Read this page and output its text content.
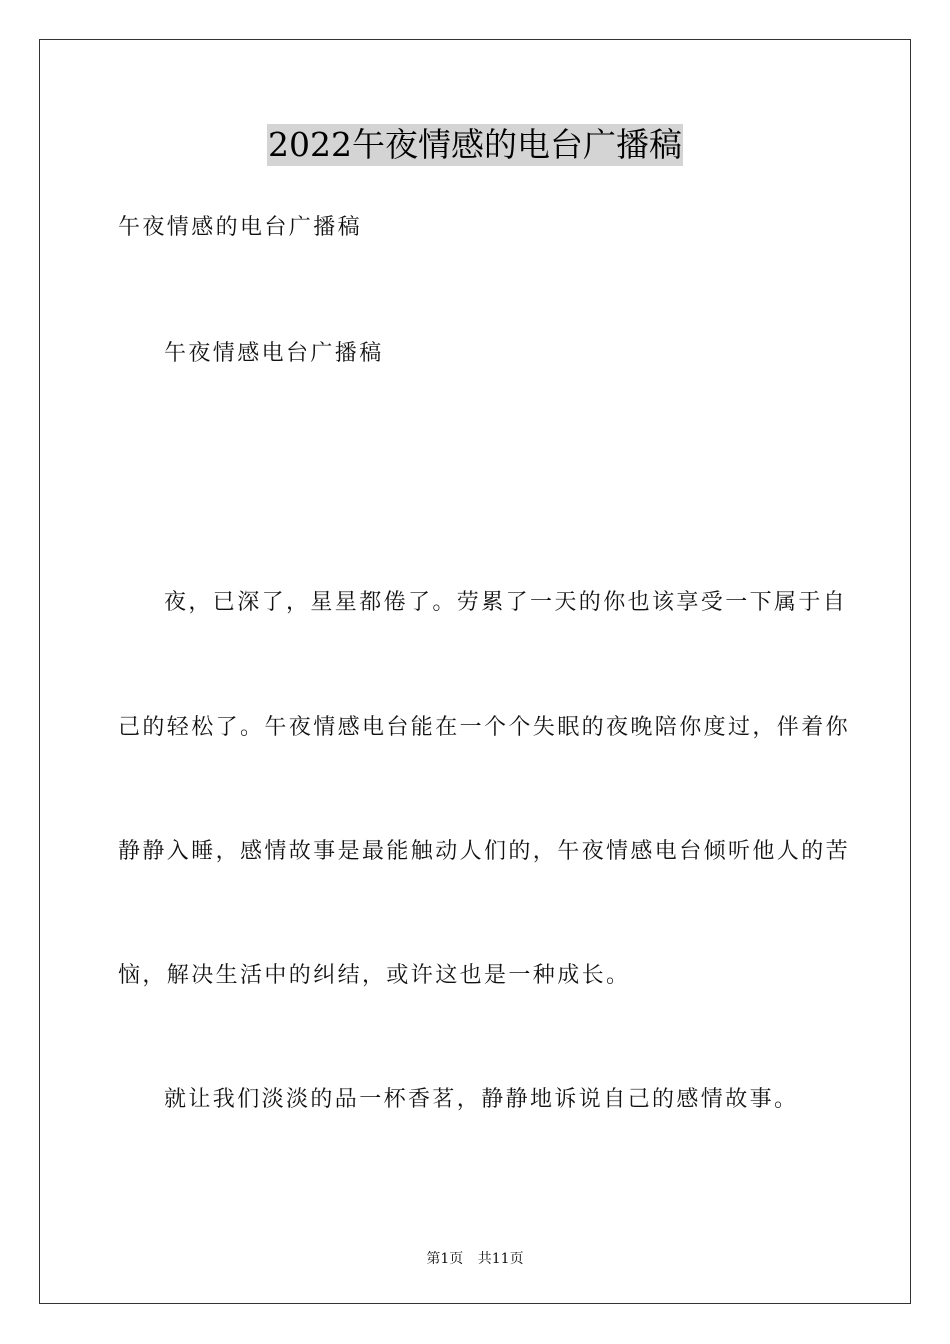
2022午夜情感的电台广播稿
午夜情感的电台广播稿
午夜情感电台广播稿
夜，已深了，星星都倦了。劳累了一天的你也该享受一下属于自
己的轻松了。午夜情感电台能在一个个失眠的夜晚陪你度过，伴着你
静静入睡，感情故事是最能触动人们的，午夜情感电台倾听他人的苦
恼，解决生活中的纠结，或许这也是一种成长。
就让我们淡淡的品一杯香茗，静静地诉说自己的感情故事。
第1页 共11页
